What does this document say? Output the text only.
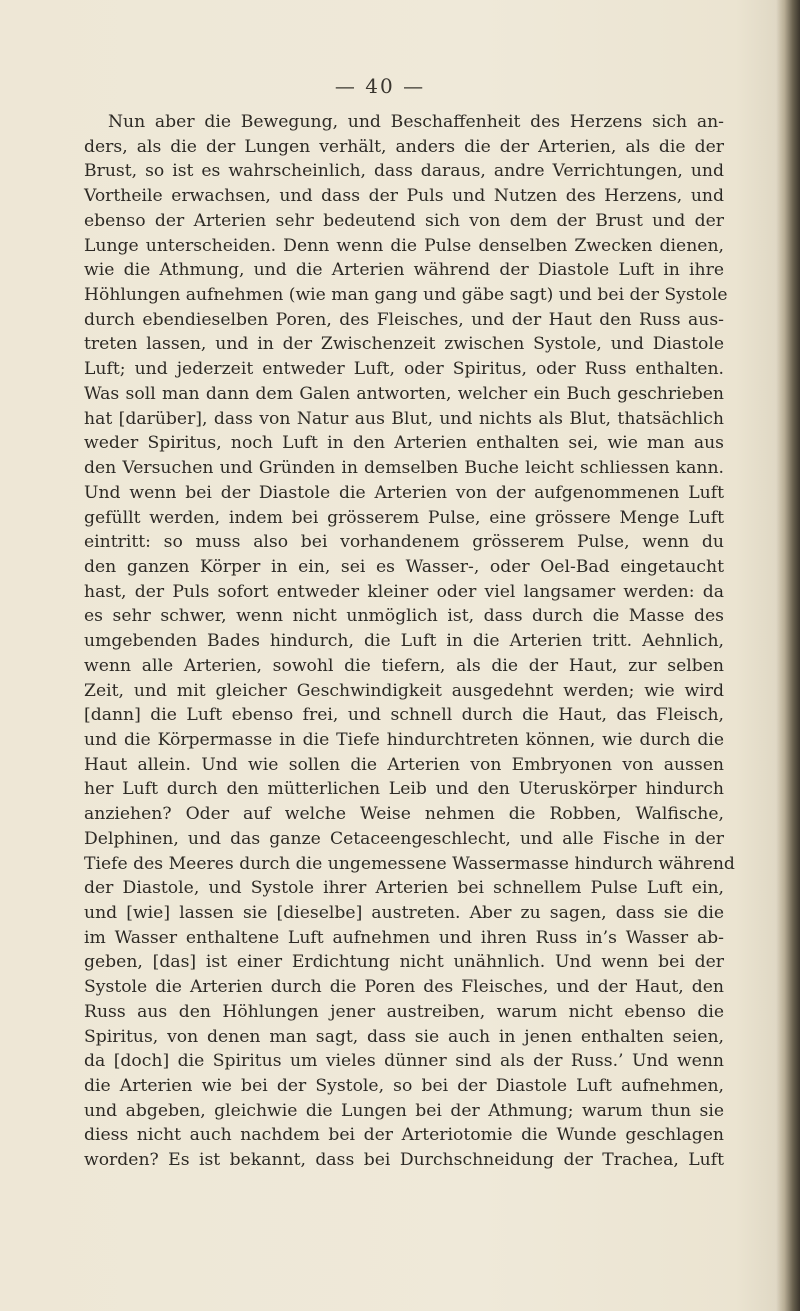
— 40 —
Nun aber die Bewegung, und Beschaffenheit des Herzens sich an-
ders, als die der Lungen verhält, anders die der Arterien, als die der
Brust, so ist es wahrscheinlich, dass daraus, andre Verrichtungen, und
Vortheile erwachsen, und dass der Puls und Nutzen des Herzens, und
ebenso der Arterien sehr bedeutend sich von dem der Brust und der
Lunge unterscheiden. Denn wenn die Pulse denselben Zwecken dienen,
wie die Athmung, und die Arterien während der Diastole Luft in ihre
Höhlungen aufnehmen (wie man gang und gäbe sagt) und bei der Systole
durch ebendieselben Poren, des Fleisches, und der Haut den Russ aus-
treten lassen, und in der Zwischenzeit zwischen Systole, und Diastole
Luft; und jederzeit entweder Luft, oder Spiritus, oder Russ enthalten.
Was soll man dann dem Galen antworten, welcher ein Buch geschrieben
hat [darüber], dass von Natur aus Blut, und nichts als Blut, thatsächlich
weder Spiritus, noch Luft in den Arterien enthalten sei, wie man aus
den Versuchen und Gründen in demselben Buche leicht schliessen kann.
Und wenn bei der Diastole die Arterien von der aufgenommenen Luft
gefüllt werden, indem bei grösserem Pulse, eine grössere Menge Luft
eintritt: so muss also bei vorhandenem grösserem Pulse, wenn du
den ganzen Körper in ein, sei es Wasser-, oder Oel-Bad eingetaucht
hast, der Puls sofort entweder kleiner oder viel langsamer werden: da
es sehr schwer, wenn nicht unmöglich ist, dass durch die Masse des
umgebenden Bades hindurch, die Luft in die Arterien tritt. Aehnlich,
wenn alle Arterien, sowohl die tiefern, als die der Haut, zur selben
Zeit, und mit gleicher Geschwindigkeit ausgedehnt werden; wie wird
[dann] die Luft ebenso frei, und schnell durch die Haut, das Fleisch,
und die Körpermasse in die Tiefe hindurchtreten können, wie durch die
Haut allein. Und wie sollen die Arterien von Embryonen von aussen
her Luft durch den mütterlichen Leib und den Uteruskörper hindurch
anziehen? Oder auf welche Weise nehmen die Robben, Walfische,
Delphinen, und das ganze Cetaceengeschlecht, und alle Fische in der
Tiefe des Meeres durch die ungemessene Wassermasse hindurch während
der Diastole, und Systole ihrer Arterien bei schnellem Pulse Luft ein,
und [wie] lassen sie [dieselbe] austreten. Aber zu sagen, dass sie die
im Wasser enthaltene Luft aufnehmen und ihren Russ in’s Wasser ab-
geben, [das] ist einer Erdichtung nicht unähnlich. Und wenn bei der
Systole die Arterien durch die Poren des Fleisches, und der Haut, den
Russ aus den Höhlungen jener austreiben, warum nicht ebenso die
Spiritus, von denen man sagt, dass sie auch in jenen enthalten seien,
da [doch] die Spiritus um vieles dünner sind als der Russ.’ Und wenn
die Arterien wie bei der Systole, so bei der Diastole Luft aufnehmen,
und abgeben, gleichwie die Lungen bei der Athmung; warum thun sie
diess nicht auch nachdem bei der Arteriotomie die Wunde geschlagen
worden? Es ist bekannt, dass bei Durchschneidung der Trachea, Luft
